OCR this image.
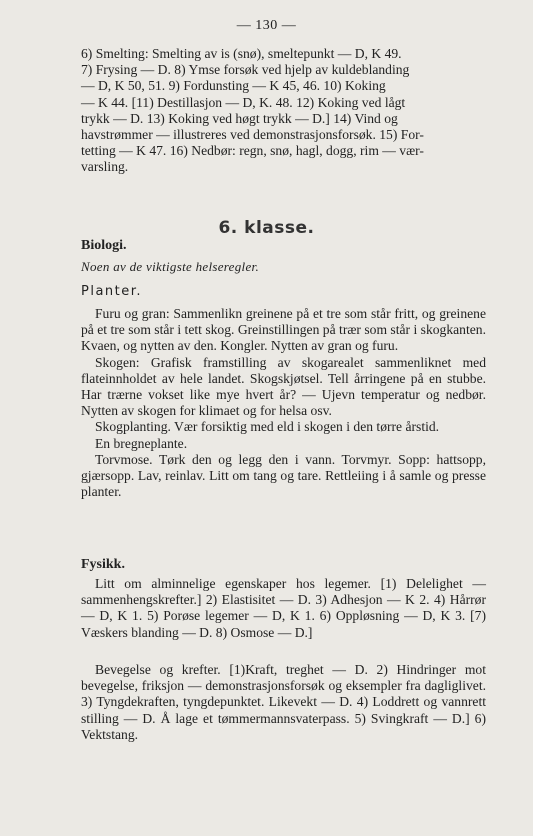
— 130 —

6) Smelting: Smelting av is (snø), smeltepunkt — D, K 49.

7) Frysing — D. 8) Ymse forsøk ved hjelp av kuldeblanding

— D, K 50, 51. 9) Fordunsting — K 45, 46. 10) Koking

— K 44. [11) Destillasjon — D, K. 48. 12) Koking ved lågt

trykk — D. 13) Koking ved høgt trykk — D.] 14) Vind og

havstrømmer — illustreres ved demonstrasjonsforsøk. 15) For-

tetting — K 47. 16) Nedbør: regn, snø, hagl, dogg, rim — vær-

varsling.

6. klasse.
Biologi.
Noen av de viktigste helseregler.
Planter.

Furu og gran: Sammenlikn greinene på et tre som står fritt, og greinene på et tre som står i tett skog. Greinstillingen på trær som står i skogkanten. Kvaen, og nytten av den. Kongler. Nytten av gran og furu.

Skogen: Grafisk framstilling av skogarealet sammenliknet med flateinnholdet av hele landet. Skogskjøtsel. Tell årringene på en stubbe. Har trærne vokset like mye hvert år? — Ujevn temperatur og nedbør. Nytten av skogen for klimaet og for helsa osv.

Skogplanting. Vær forsiktig med eld i skogen i den tørre årstid.

En bregneplante.

Torvmose. Tørk den og legg den i vann. Torvmyr. Sopp: hattsopp, gjærsopp. Lav, reinlav. Litt om tang og tare. Rettleiing i å samle og presse planter.

Fysikk.

Litt om alminnelige egenskaper hos legemer. [1) Delelighet — sammenhengskrefter.] 2) Elastisitet — D. 3) Adhesjon — K 2. 4) Hårrør — D, K 1. 5) Porøse legemer — D, K 1. 6) Oppløsning — D, K 3. [7) Væskers blanding — D. 8) Osmose — D.]

Bevegelse og krefter. [1)Kraft, treghet — D. 2) Hindringer mot bevegelse, friksjon — demonstrasjonsforsøk og eksempler fra dagliglivet. 3) Tyngdekraften, tyngdepunktet. Likevekt — D. 4) Loddrett og vannrett stilling — D. Å lage et tømmermannsvaterpass. 5) Svingkraft — D.] 6) Vektstang.
